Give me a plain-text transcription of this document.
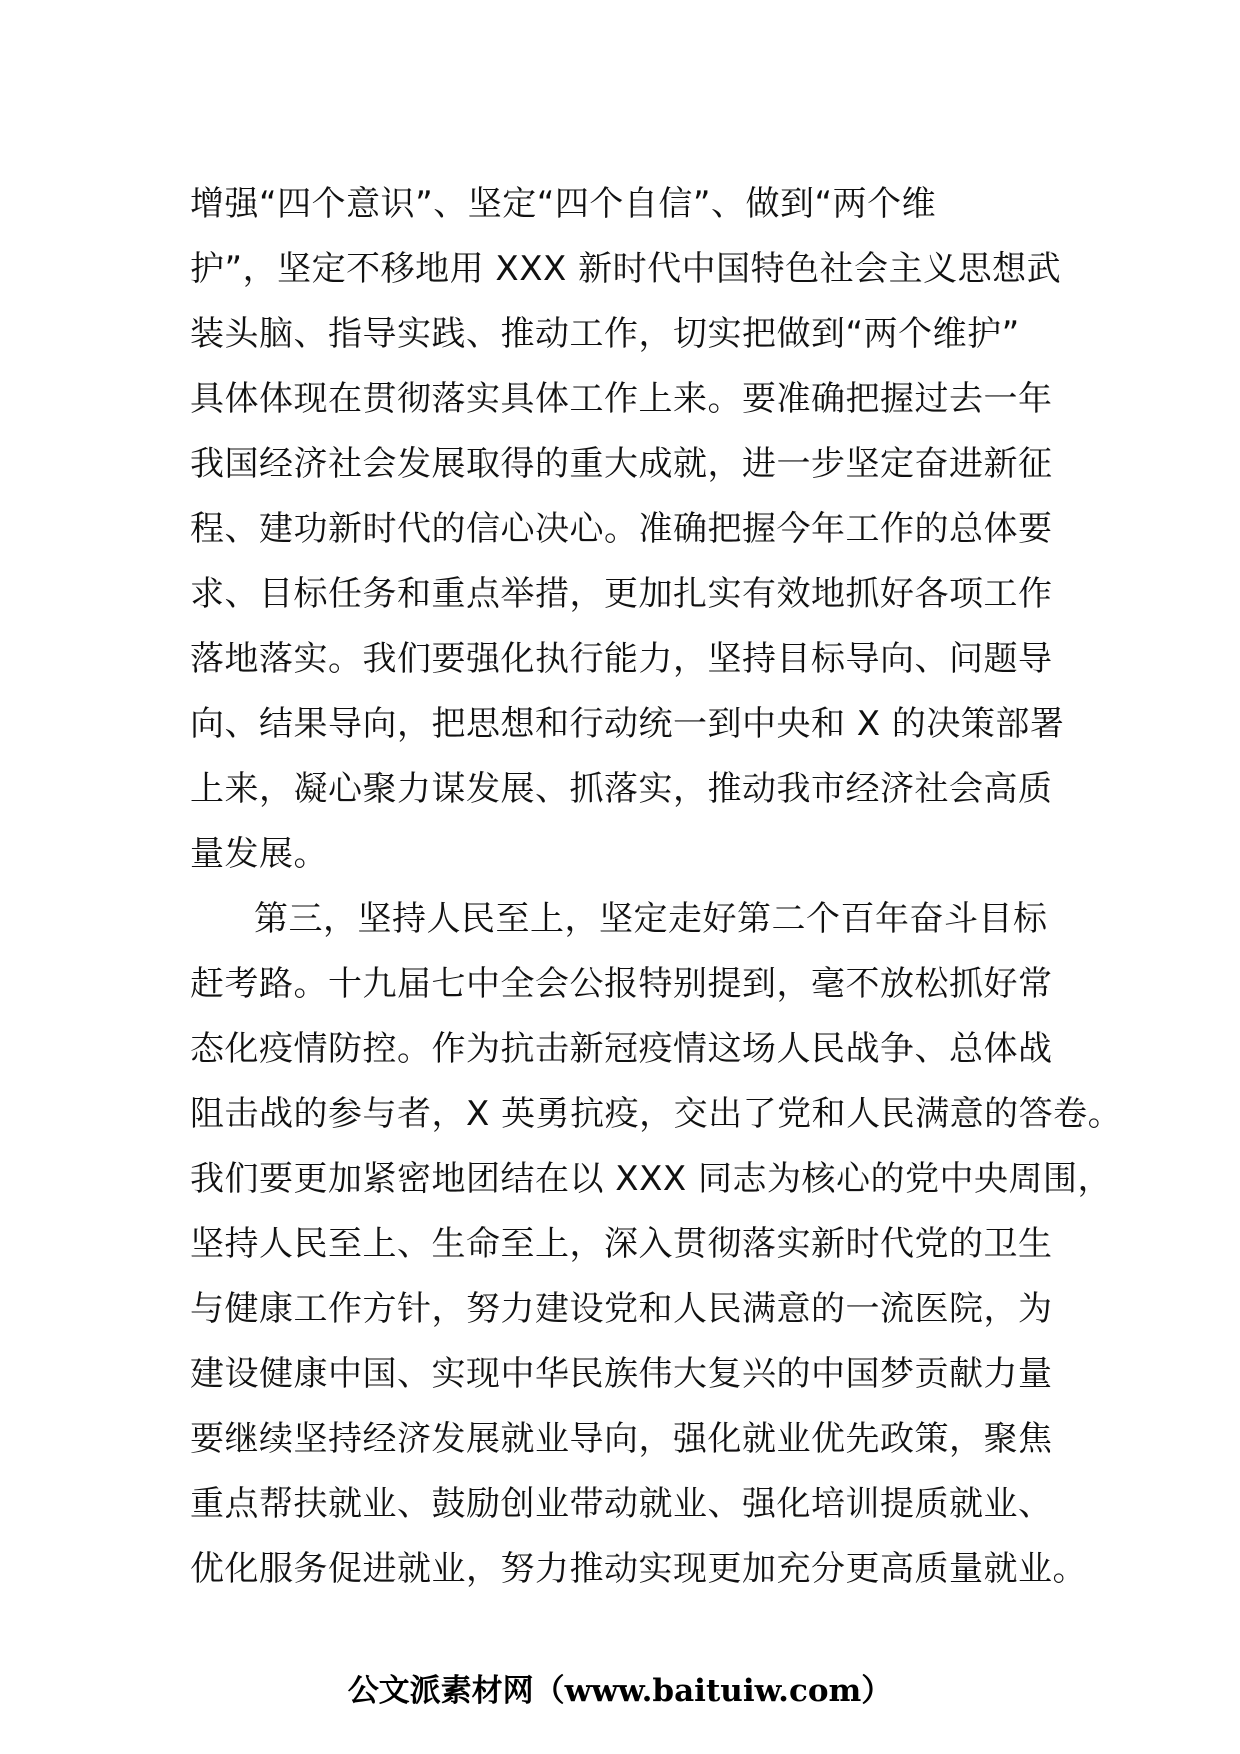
增强“四个意识”、坚定“四个自信”、做到“两个维
护”，坚定不移地用 XXX 新时代中国特色社会主义思想武
装头脑、指导实践、推动工作，切实把做到“两个维护”
具体体现在贯彻落实具体工作上来。要准确把握过去一年
我国经济社会发展取得的重大成就，进一步坚定奋进新征
程、建功新时代的信心决心。准确把握今年工作的总体要
求、目标任务和重点举措，更加扎实有效地抓好各项工作
落地落实。我们要强化执行能力，坚持目标导向、问题导
向、结果导向，把思想和行动统一到中央和 X 的决策部署
上来，凝心聚力谋发展、抓落实，推动我市经济社会高质
量发展。
第三，坚持人民至上，坚定走好第二个百年奋斗目标
赶考路。十九届七中全会公报特别提到，毫不放松抓好常
态化疫情防控。作为抗击新冠疫情这场人民战争、总体战
阻击战的参与者，X 英勇抗疫，交出了党和人民满意的答卷。
我们要更加紧密地团结在以 XXX 同志为核心的党中央周围，
坚持人民至上、生命至上，深入贯彻落实新时代党的卫生
与健康工作方针，努力建设党和人民满意的一流医院，为
建设健康中国、实现中华民族伟大复兴的中国梦贡献力量
要继续坚持经济发展就业导向，强化就业优先政策，聚焦
重点帮扶就业、鼓励创业带动就业、强化培训提质就业、
优化服务促进就业，努力推动实现更加充分更高质量就业。
公文派素材网（www.baituiw.com）
